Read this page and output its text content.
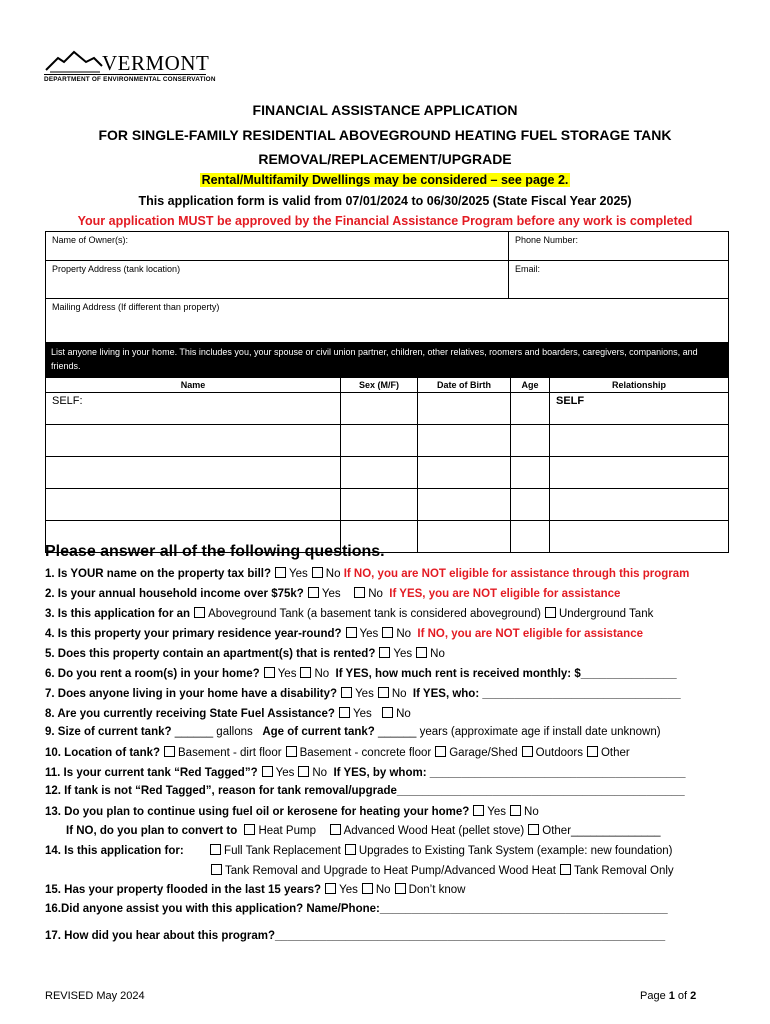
VERMONT
DEPARTMENT OF ENVIRONMENTAL CONSERVATION
FINANCIAL ASSISTANCE APPLICATION
FOR SINGLE-FAMILY RESIDENTIAL ABOVEGROUND HEATING FUEL STORAGE TANK
REMOVAL/REPLACEMENT/UPGRADE
Rental/Multifamily Dwellings may be considered – see page 2.
This application form is valid from 07/01/2024 to 06/30/2025 (State Fiscal Year 2025)
Your application MUST be approved by the Financial Assistance Program before any work is completed
Name of Owner(s):	Phone Number:
Property Address (tank location)	Email:
Mailing Address (If different than property)	
List anyone living in your home. This includes you, your spouse or civil union partner, children, other relatives, roomers and boarders, caregivers, companions, and friends.
Name	Sex (M/F)	Date of Birth	Age	Relationship
SELF:				SELF

Please answer all of the following questions.
1. Is YOUR name on the property tax bill? Yes No If NO, you are NOT eligible for assistance through this program
2. Is your annual household income over $75k? Yes No If YES, you are NOT eligible for assistance
3. Is this application for an Aboveground Tank (a basement tank is considered aboveground) Underground Tank
4. Is this property your primary residence year-round? Yes No If NO, you are NOT eligible for assistance
5. Does this property contain an apartment(s) that is rented? Yes No
6. Do you rent a room(s) in your home? Yes No If YES, how much rent is received monthly: $_______________
7. Does anyone living in your home have a disability? Yes No If YES, who: _______________________________
8. Are you currently receiving State Fuel Assistance? Yes No
9. Size of current tank? ______ gallons Age of current tank? ______ years (approximate age if install date unknown)
10. Location of tank? Basement - dirt floor Basement - concrete floor Garage/Shed Outdoors Other
11. Is your current tank “Red Tagged”? Yes No If YES, by whom: ________________________________________
12. If tank is not “Red Tagged”, reason for tank removal/upgrade_____________________________________________
13. Do you plan to continue using fuel oil or kerosene for heating your home? Yes No
If NO, do you plan to convert to Heat Pump Advanced Wood Heat (pellet stove) Other______________
14. Is this application for:	Full Tank Replacement Upgrades to Existing Tank System (example: new foundation)
Tank Removal and Upgrade to Heat Pump/Advanced Wood Heat Tank Removal Only
15. Has your property flooded in the last 15 years? Yes No Don’t know
16.Did anyone assist you with this application? Name/Phone:_____________________________________________
17. How did you hear about this program?_____________________________________________________________
REVISED May 2024	Page 1 of 2
